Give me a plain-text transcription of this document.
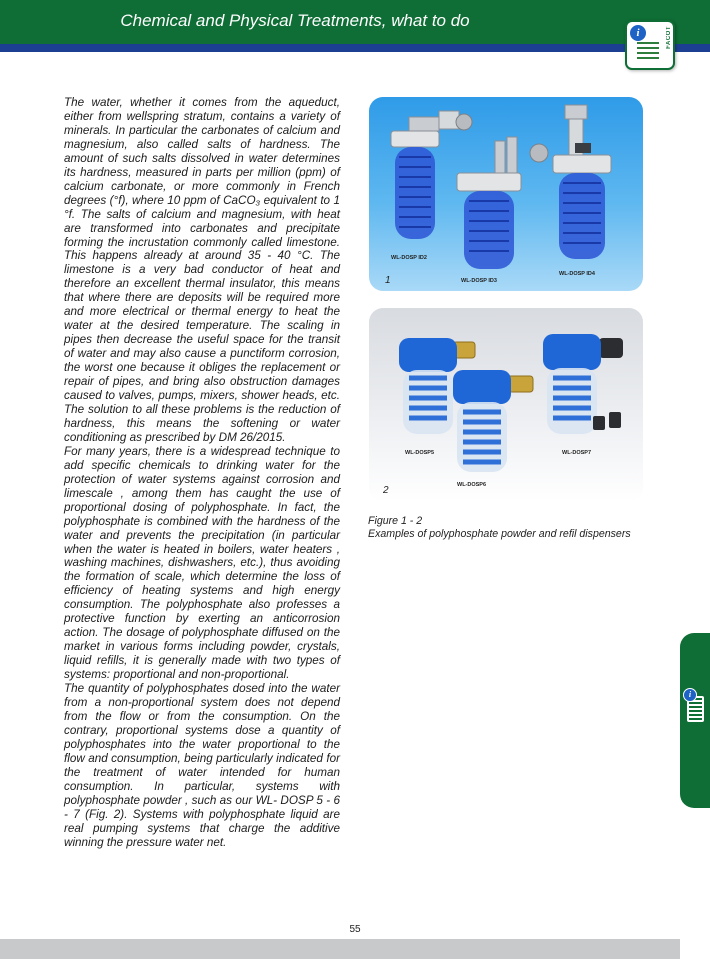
Chemical and Physical Treatments, what to do
i	FACOT

The water, whether it comes from the aqueduct, either from wellspring stratum, contains a variety of minerals. In particular the carbonates of calcium and magnesium, also called salts of hardness. The amount of such salts dissolved in water determines its hardness, measured in parts per million (ppm) of calcium carbonate, or more commonly in French degrees (°f), where 10 ppm of CaCO₃ equivalent to 1 °f. The salts of calcium and magnesium, with heat are transformed into carbonates and precipitate forming the incrustation commonly called limestone. This happens already at around 35 - 40 °C. The limestone is a very bad conductor of heat and therefore an excellent thermal insulator, this means that where there are deposits will be required more and more electrical or thermal energy to heat the water at the desired temperature. The scaling in pipes then decrease the useful space for the transit of water and may also cause a punctiform corrosion, the worst one because it obliges the replacement or repair of pipes, and bring also obstruction damages caused to valves, pumps, mixers, shower heads, etc. The solution to all these problems is the reduction of hardness, this means the softening or water conditioning as prescribed by DM 26/2015.

For many years, there is a widespread technique to add specific chemicals to drinking water for the protection of water systems against corrosion and limescale , among them has caught the use of proportional dosing of polyphosphate. In fact, the polyphosphate is combined with the hardness of the water and prevents the precipitation (in particular when the water is heated in boilers, water heaters , washing machines, dishwashers, etc.), thus avoiding the formation of scale, which determine the loss of efficiency of heating systems and high energy consumption. The polyphosphate also professes a protective function by exerting an anticorrosion action. The dosage of polyphosphate diffused on the market in various forms including powder, crystals, liquid refills, it is generally made with two types of systems: proportional and non-proportional.

The quantity of polyphosphates dosed into the water from a non-proportional system does not depend from the flow or from the consumption. On the contrary, proportional systems dose a quantity of polyphosphates into the water proportional to the flow and consumption, being particularly indicated for the treatment of water intended for human consumption. In particular, systems with polyphosphate powder , such as our WL- DOSP 5 - 6 - 7 (Fig. 2). Systems with polyphosphate liquid are real pumping systems that charge the additive winning the pressure water net.

WL-DOSP ID2
WL-DOSP ID3
WL-DOSP ID4
1
WL-DOSP5
WL-DOSP6
WL-DOSP7
2
Figure 1 - 2
Examples of polyphosphate powder and refil dispensers
i
55
